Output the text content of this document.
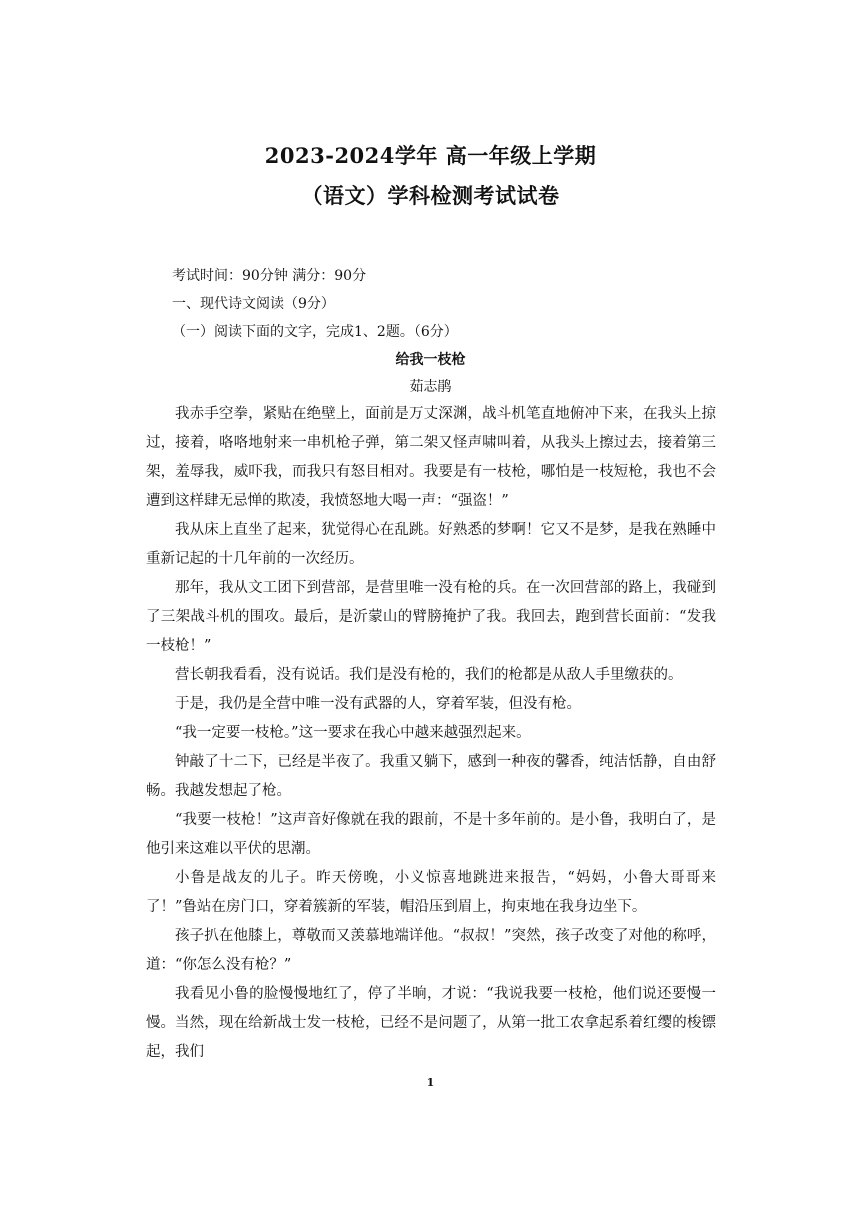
2023-2024学年 高一年级上学期
（语文）学科检测考试试卷
考试时间：90分钟 满分：90分
一、现代诗文阅读（9分）
（一）阅读下面的文字，完成1、2题。（6分）
给我一枝枪
茹志鹃
我赤手空拳，紧贴在绝壁上，面前是万丈深渊，战斗机笔直地俯冲下来，在我头上掠过，接着，咯咯地射来一串机枪子弹，第二架又怪声啸叫着，从我头上擦过去，接着第三架，羞辱我，威吓我，而我只有怒目相对。我要是有一枝枪，哪怕是一枝短枪，我也不会遭到这样肆无忌惮的欺凌，我愤怒地大喝一声：“强盗！”
我从床上直坐了起来，犹觉得心在乱跳。好熟悉的梦啊！它又不是梦，是我在熟睡中重新记起的十几年前的一次经历。
那年，我从文工团下到营部，是营里唯一没有枪的兵。在一次回营部的路上，我碰到了三架战斗机的围攻。最后，是沂蒙山的臂膀掩护了我。我回去，跑到营长面前：“发我一枝枪！”
营长朝我看看，没有说话。我们是没有枪的，我们的枪都是从敌人手里缴获的。
于是，我仍是全营中唯一没有武器的人，穿着军装，但没有枪。
“我一定要一枝枪。”这一要求在我心中越来越强烈起来。
钟敲了十二下，已经是半夜了。我重又躺下，感到一种夜的馨香，纯洁恬静，自由舒畅。我越发想起了枪。
“我要一枝枪！”这声音好像就在我的跟前，不是十多年前的。是小鲁，我明白了，是他引来这难以平伏的思潮。
小鲁是战友的儿子。昨天傍晚，小义惊喜地跳进来报告，“妈妈，小鲁大哥哥来了！”鲁站在房门口，穿着簇新的军装，帽沿压到眉上，拘束地在我身边坐下。
孩子扒在他膝上，尊敬而又羡慕地端详他。“叔叔！”突然，孩子改变了对他的称呼，道：“你怎么没有枪？”
我看见小鲁的脸慢慢地红了，停了半晌，才说：“我说我要一枝枪，他们说还要慢一慢。 当然，现在给新战士发一枝枪，已经不是问题了，从第一批工农拿起系着红缨的梭镖起，我们
1
